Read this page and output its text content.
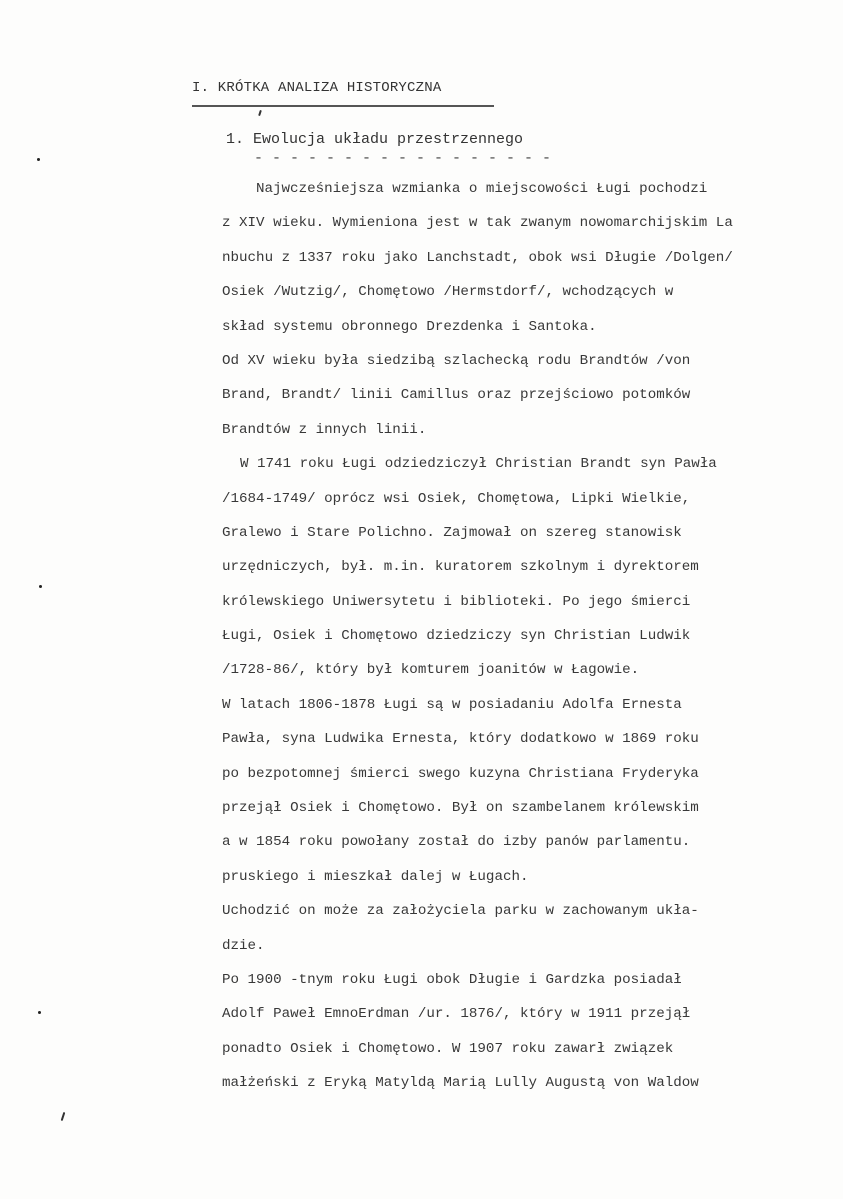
I. KRÓTKA ANALIZA HISTORYCZNA
1. Ewolucja układu przestrzennego
- - - - - - - - - - - - - - - - -
Najwcześniejsza wzmianka o miejscowości Ługi pochodzi
z XIV wieku. Wymieniona jest w tak zwanym nowomarchijskim La
nbuchu z 1337 roku jako Lanchstadt, obok wsi Długie /Dolgen/
Osiek /Wutzig/, Chomętowo /Hermstdorf/, wchodzących w
skład systemu obronnego Drezdenka i Santoka.
Od XV wieku była siedzibą szlachecką rodu Brandtów /von
Brand, Brandt/ linii Camillus oraz przejściowo potomków
Brandtów z innych linii.
W 1741 roku Ługi odziedziczył Christian Brandt syn Pawła
/1684-1749/ oprócz wsi Osiek, Chomętowa, Lipki Wielkie,
Gralewo i Stare Polichno. Zajmował on szereg stanowisk
urzędniczych, był. m.in. kuratorem szkolnym i dyrektorem
królewskiego Uniwersytetu i biblioteki. Po jego śmierci
Ługi, Osiek i Chomętowo dziedziczy syn Christian Ludwik
/1728-86/, który był komturem joanitów w Łagowie.
W latach 1806-1878 Ługi są w posiadaniu Adolfa Ernesta
Pawła, syna Ludwika Ernesta, który dodatkowo w 1869 roku
po bezpotomnej śmierci swego kuzyna Christiana Fryderyka
przejął Osiek i Chomętowo. Był on szambelanem królewskim
a w 1854 roku powołany został do izby panów parlamentu.
pruskiego i mieszkał dalej w Ługach.
Uchodzić on może za założyciela parku w zachowanym ukła-
dzie.
Po 1900 -tnym roku Ługi obok Długie i Gardzka posiadał
Adolf Paweł EmnoErdman /ur. 1876/, który w 1911 przejął
ponadto Osiek i Chomętowo. W 1907 roku zawarł związek
małżeński z Eryką Matyldą Marią Lully Augustą von Waldow
